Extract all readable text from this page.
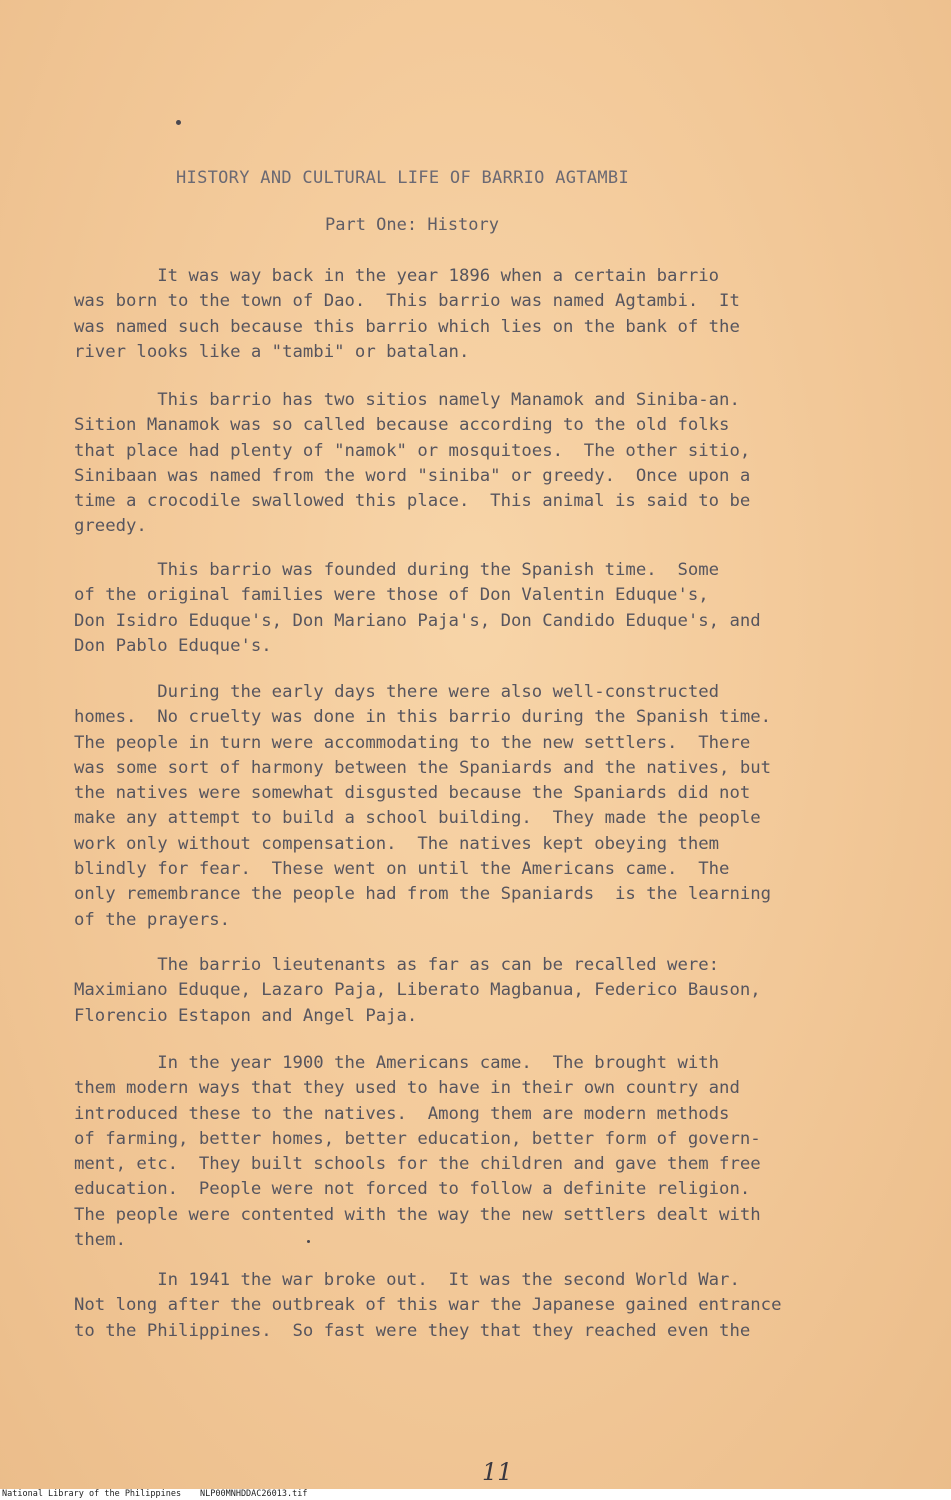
HISTORY AND CULTURAL LIFE OF BARRIO AGTAMBI
Part One: History
It was way back in the year 1896 when a certain barrio
was born to the town of Dao.  This barrio was named Agtambi.  It
was named such because this barrio which lies on the bank of the
river looks like a "tambi" or batalan.
This barrio has two sitios namely Manamok and Siniba-an.
Sition Manamok was so called because according to the old folks
that place had plenty of "namok" or mosquitoes.  The other sitio,
Sinibaan was named from the word "siniba" or greedy.  Once upon a
time a crocodile swallowed this place.  This animal is said to be
greedy.
This barrio was founded during the Spanish time.  Some
of the original families were those of Don Valentin Eduque's,
Don Isidro Eduque's, Don Mariano Paja's, Don Candido Eduque's, and
Don Pablo Eduque's.
During the early days there were also well-constructed
homes.  No cruelty was done in this barrio during the Spanish time.
The people in turn were accommodating to the new settlers.  There
was some sort of harmony between the Spaniards and the natives, but
the natives were somewhat disgusted because the Spaniards did not
make any attempt to build a school building.  They made the people
work only without compensation.  The natives kept obeying them
blindly for fear.  These went on until the Americans came.  The
only remembrance the people had from the Spaniards  is the learning
of the prayers.
The barrio lieutenants as far as can be recalled were:
Maximiano Eduque, Lazaro Paja, Liberato Magbanua, Federico Bauson,
Florencio Estapon and Angel Paja.
In the year 1900 the Americans came.  The brought with
them modern ways that they used to have in their own country and
introduced these to the natives.  Among them are modern methods
of farming, better homes, better education, better form of govern-
ment, etc.  They built schools for the children and gave them free
education.  People were not forced to follow a definite religion.
The people were contented with the way the new settlers dealt with
them.
In 1941 the war broke out.  It was the second World War.
Not long after the outbreak of this war the Japanese gained entrance
to the Philippines.  So fast were they that they reached even the
11
National Library of the Philippines NLP00MNHDDAC26013.tif
